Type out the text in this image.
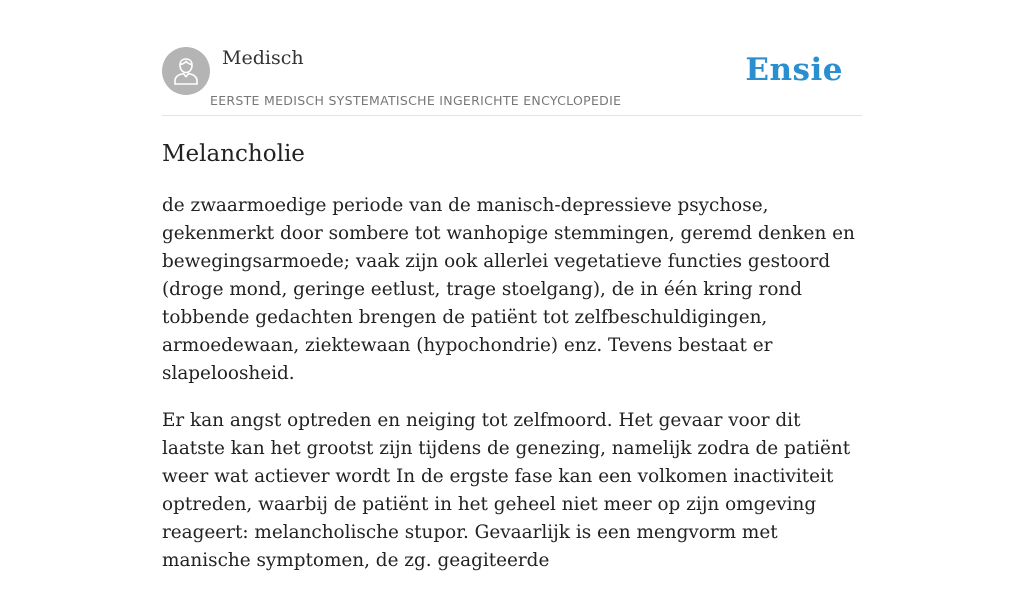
Medisch
EERSTE MEDISCH SYSTEMATISCHE INGERICHTE ENCYCLOPEDIE
Ensie
Melancholie

de zwaarmoedige periode van de manisch-depressieve psychose, gekenmerkt door sombere tot wanhopige stemmingen, geremd denken en bewegingsarmoede; vaak zijn ook allerlei vegetatieve functies gestoord (droge mond, geringe eetlust, trage stoelgang), de in één kring rond tobbende gedachten brengen de patiënt tot zelfbeschuldigingen, armoedewaan, ziektewaan (hypochondrie) enz. Tevens bestaat er slapeloosheid.

Er kan angst optreden en neiging tot zelfmoord. Het gevaar voor dit laatste kan het grootst zijn tijdens de genezing, namelijk zodra de patiënt weer wat actiever wordt In de ergste fase kan een volkomen inactiviteit optreden, waarbij de patiënt in het geheel niet meer op zijn omgeving reageert: melancholische stupor. Gevaarlijk is een mengvorm met manische symptomen, de zg. geagiteerde
